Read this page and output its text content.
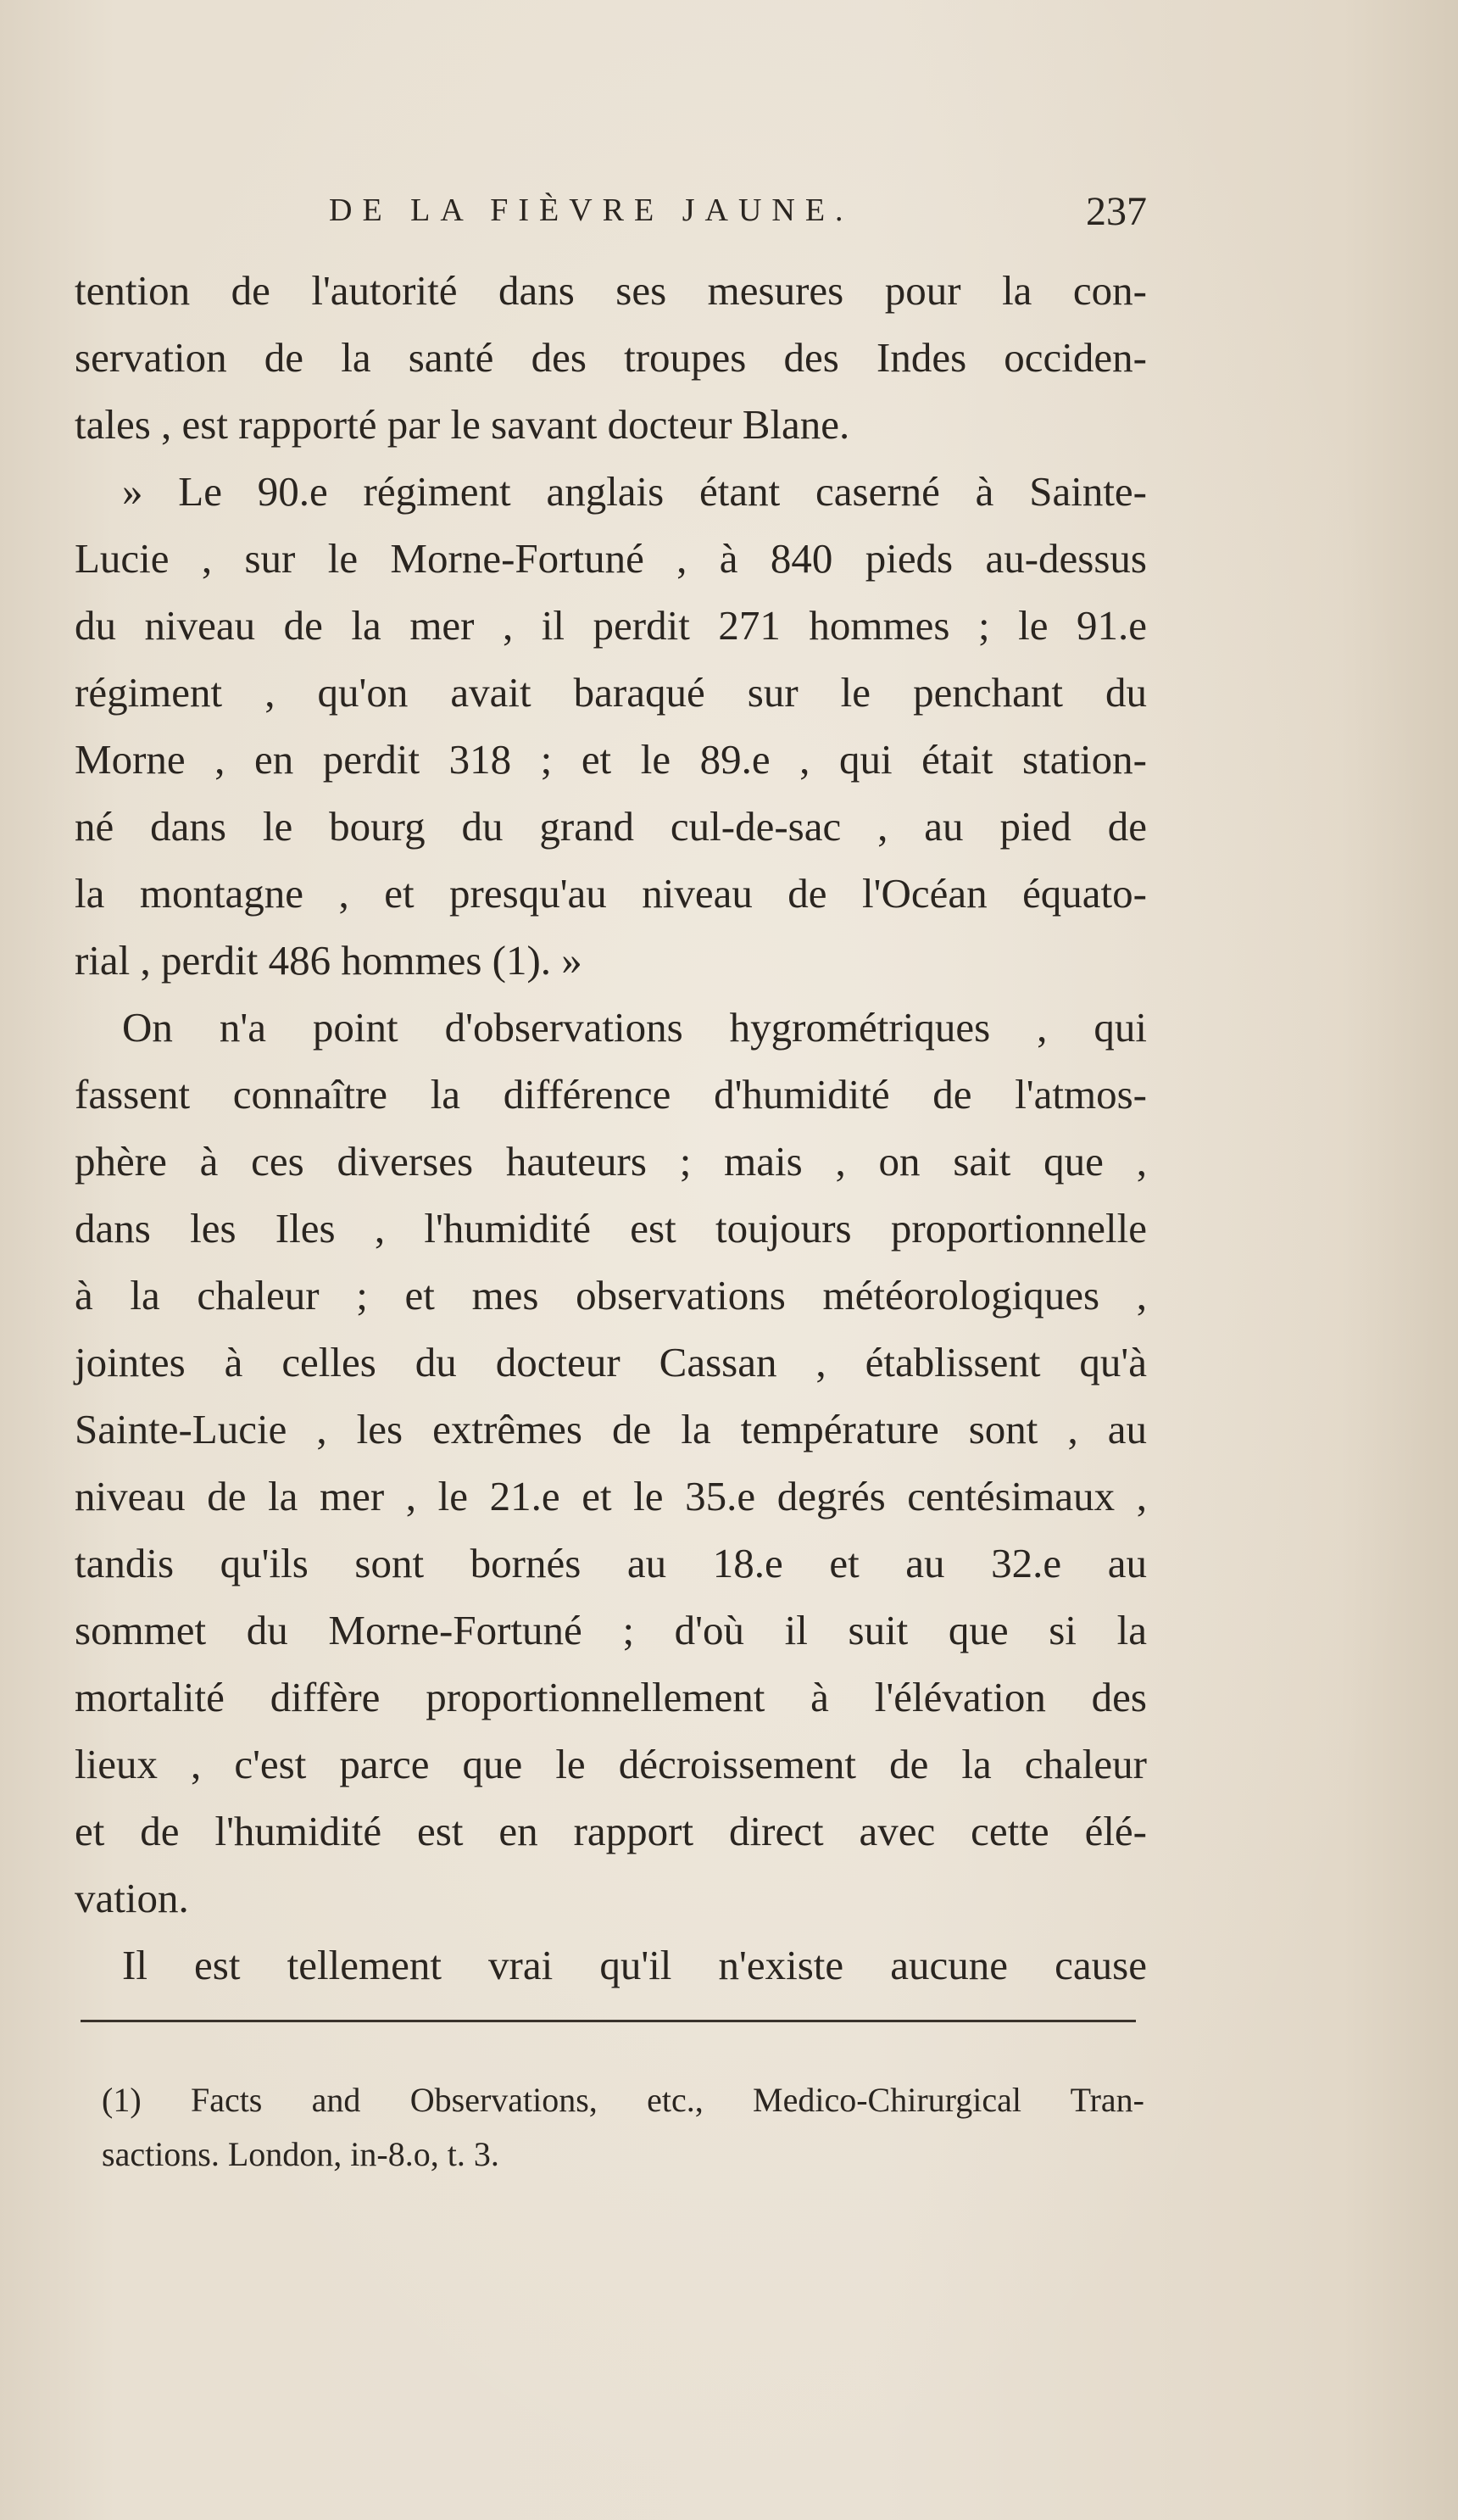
DE LA FIÈVRE JAUNE.	237
tention de l'autorité dans ses mesures pour la con-
servation de la santé des troupes des Indes occiden-
tales , est rapporté par le savant docteur Blane.
» Le 90.e régiment anglais étant caserné à Sainte-
Lucie , sur le Morne-Fortuné , à 840 pieds au-dessus
du niveau de la mer , il perdit 271 hommes ; le 91.e
régiment , qu'on avait baraqué sur le penchant du
Morne , en perdit 318 ; et le 89.e , qui était station-
né dans le bourg du grand cul-de-sac , au pied de
la montagne , et presqu'au niveau de l'Océan équato-
rial , perdit 486 hommes (1). »
On n'a point d'observations hygrométriques , qui
fassent connaître la différence d'humidité de l'atmos-
phère à ces diverses hauteurs ; mais , on sait que ,
dans les Iles , l'humidité est toujours proportionnelle
à la chaleur ; et mes observations météorologiques ,
jointes à celles du docteur Cassan , établissent qu'à
Sainte-Lucie , les extrêmes de la température sont , au
niveau de la mer , le 21.e et le 35.e degrés centésimaux ,
tandis qu'ils sont bornés au 18.e et au 32.e au
sommet du Morne-Fortuné ; d'où il suit que si la
mortalité diffère proportionnellement à l'élévation des
lieux , c'est parce que le décroissement de la chaleur
et de l'humidité est en rapport direct avec cette élé-
vation.
Il est tellement vrai qu'il n'existe aucune cause
(1) Facts and Observations, etc., Medico-Chirurgical Tran-
sactions. London, in-8.o, t. 3.
